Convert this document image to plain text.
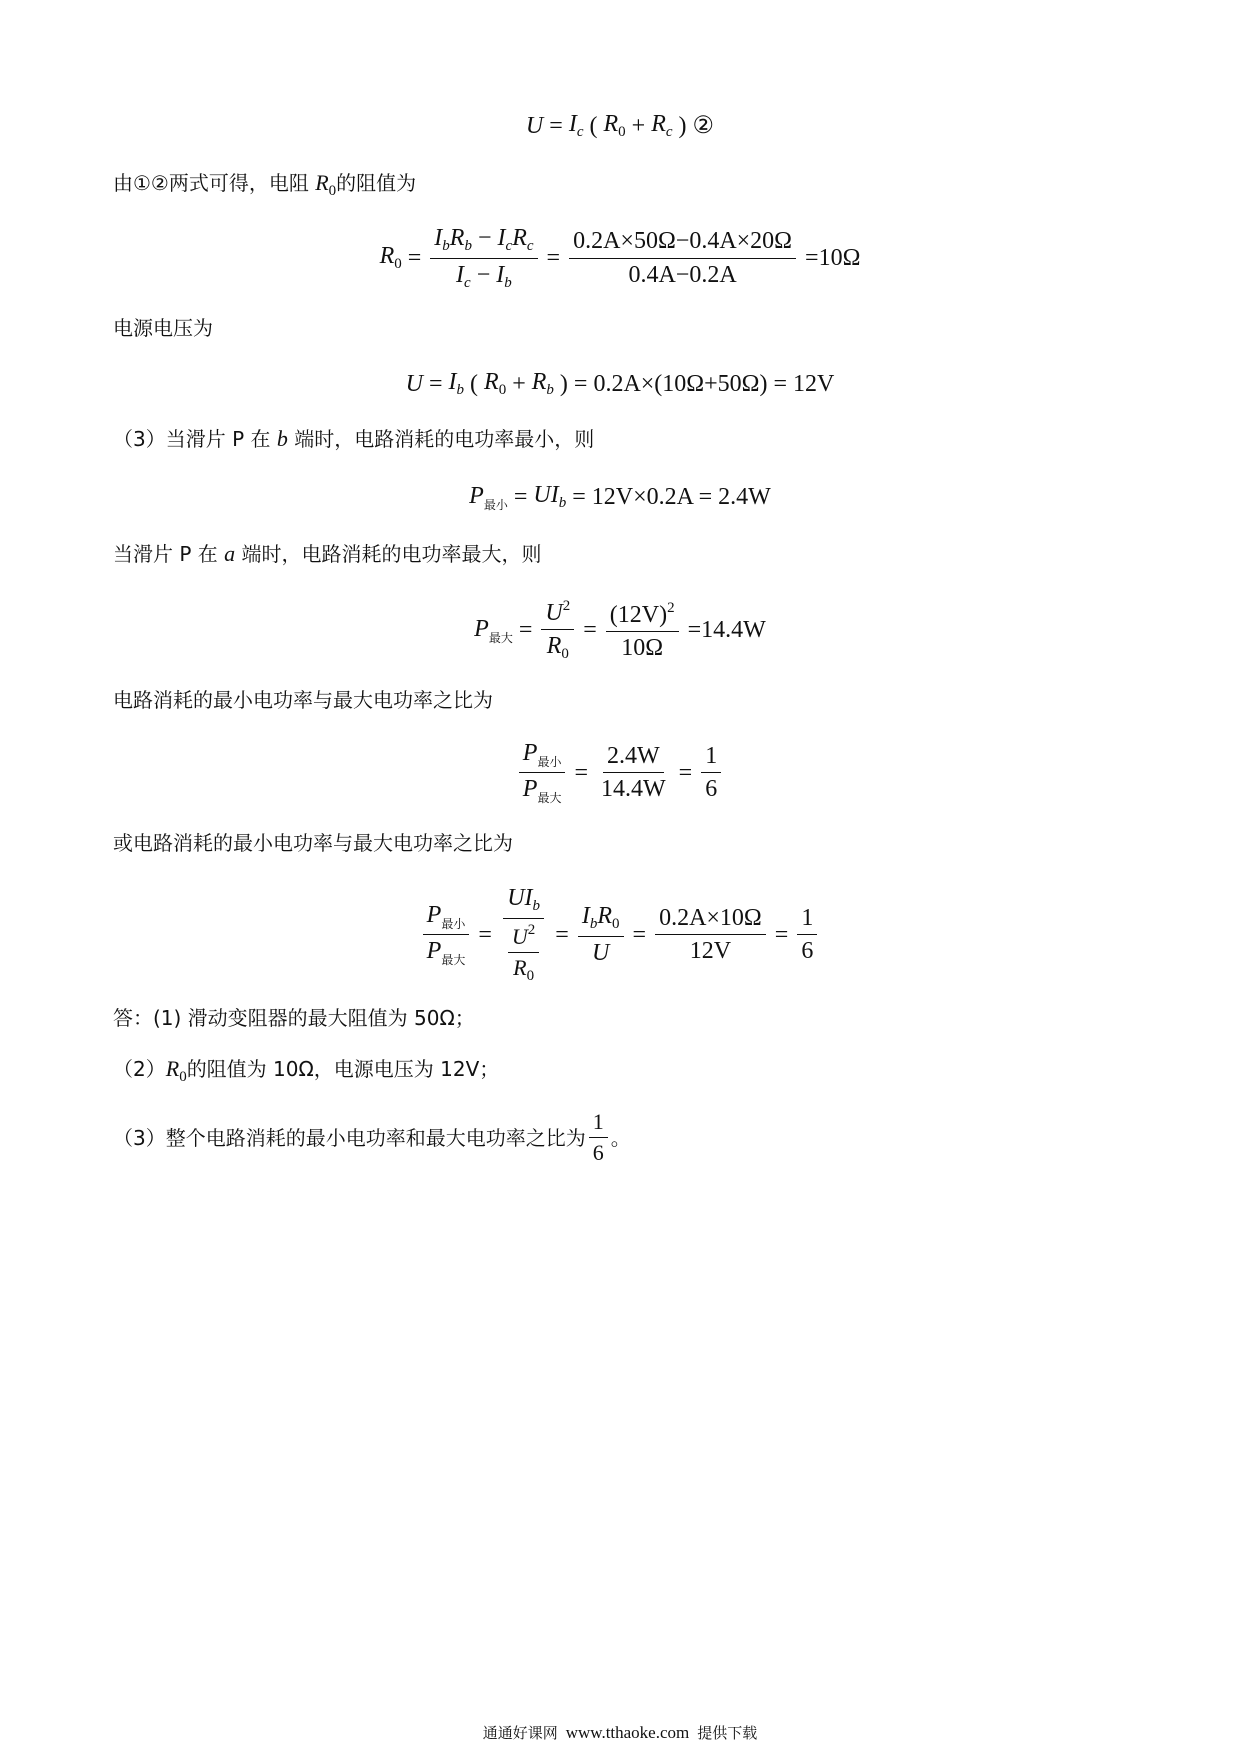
$U = I_c$ ( $R_0 + R_c$ ) ②
由①②两式可得，电阻 $R_0$的阻值为
$R_0 = \frac{I_bR_b - I_cR_c}{I_c - I_b} = \frac{0.2A\times 50\Omega-0.4A\times 20\Omega}{0.4A-0.2A} =10\Omega$
电源电压为
$U = I_b$ ( $R_0 + R_b$ ) = 0.2A×(10Ω+50Ω) = 12V
（3）当滑片 P 在 b 端时，电路消耗的电功率最小，则
$P_{最小} = UI_b = 12V\times 0.2A = 2.4W$
当滑片 P 在 a 端时，电路消耗的电功率最大，则
$P_{最大} = \frac{U^2}{R_0} = \frac{(12V)^2}{10\Omega} =14.4W$
电路消耗的最小电功率与最大电功率之比为
$\frac{P_{最小}}{P_{最大}} = \frac{2.4W}{14.4W} = \frac{1}{6}$
或电路消耗的最小电功率与最大电功率之比为
$\frac{P_{最小}}{P_{最大}} = \frac{UI_b}{\frac{U^2}{R_0}} = \frac{I_bR_0}{U} = \frac{0.2A\times 10\Omega}{12V} = \frac{1}{6}$
答：(1) 滑动变阻器的最大阻值为 50Ω；
$(2)R_0$的阻值为 10Ω，电源电压为 12V；
（3）整个电路消耗的最小电功率和最大电功率之比为 $\frac{1}{6}$ 。
通通好课网 www.tthaoke.com 提供下载
